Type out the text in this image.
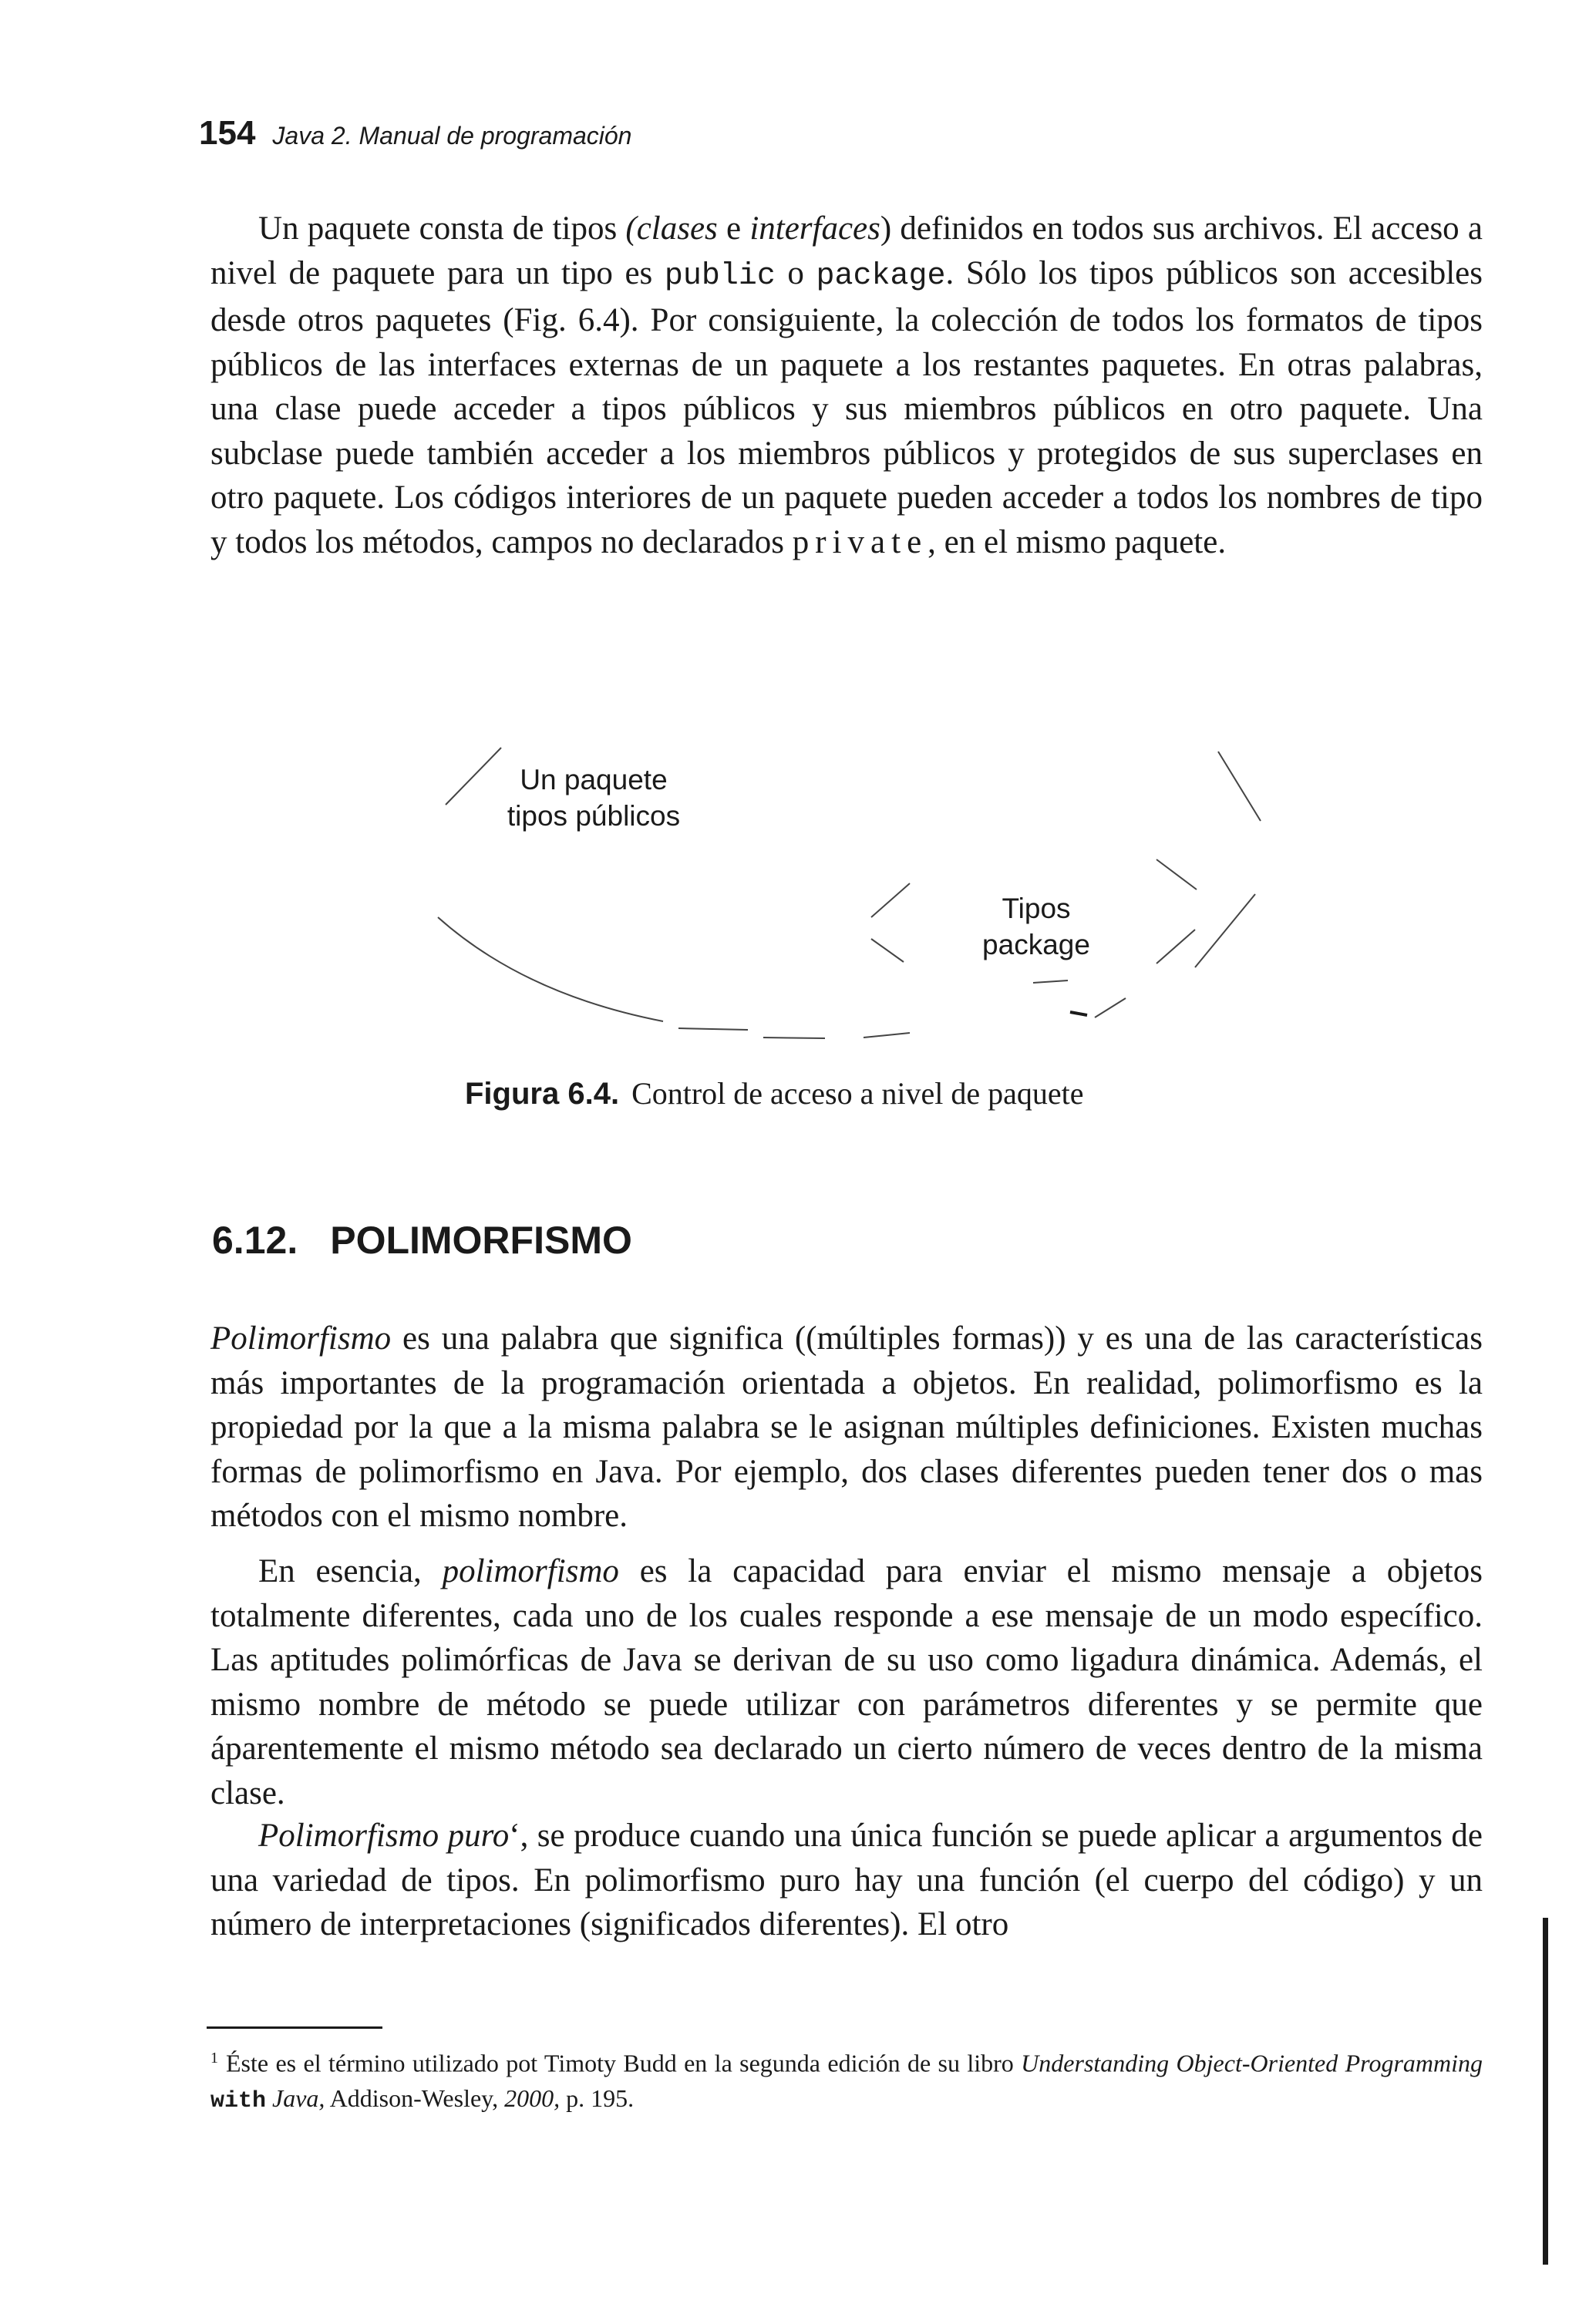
154 Java 2. Manual de programación

Un paquete consta de tipos (clases e interfaces) definidos en todos sus archivos. El acceso a nivel de paquete para un tipo es public o package. Sólo los tipos públicos son accesibles desde otros paquetes (Fig. 6.4). Por consiguiente, la colección de todos los formatos de tipos públicos de las interfaces externas de un paquete a los restantes paquetes. En otras palabras, una clase puede acceder a tipos públicos y sus miembros públicos en otro paquete. Una subclase puede también acceder a los miembros públicos y protegidos de sus superclases en otro paquete. Los códigos interiores de un paquete pueden acceder a todos los nombres de tipo y todos los métodos, campos no declarados private, en el mismo paquete.

Un paquete
tipos públicos
Tipos
package
Figura 6.4. Control de acceso a nivel de paquete
6.12. POLIMORFISMO

Polimorfismo es una palabra que significa ((múltiples formas)) y es una de las características más importantes de la programación orientada a objetos. En realidad, polimorfismo es la propiedad por la que a la misma palabra se le asignan múltiples definiciones. Existen muchas formas de polimorfismo en Java. Por ejemplo, dos clases diferentes pueden tener dos o mas métodos con el mismo nombre.

En esencia, polimorfismo es la capacidad para enviar el mismo mensaje a objetos totalmente diferentes, cada uno de los cuales responde a ese mensaje de un modo específico. Las aptitudes polimórficas de Java se derivan de su uso como ligadura dinámica. Además, el mismo nombre de método se puede utilizar con parámetros diferentes y se permite que áparentemente el mismo método sea declarado un cierto número de veces dentro de la misma clase.

Polimorfismo puro‘, se produce cuando una única función se puede aplicar a argumentos de una variedad de tipos. En polimorfismo puro hay una función (el cuerpo del código) y un número de interpretaciones (significados diferentes). El otro

$^1$ Éste es el término utilizado pot Timoty Budd en la segunda edición de su libro Understanding Object-Oriented Programming with Java, Addison-Wesley, 2000, p. 195.
